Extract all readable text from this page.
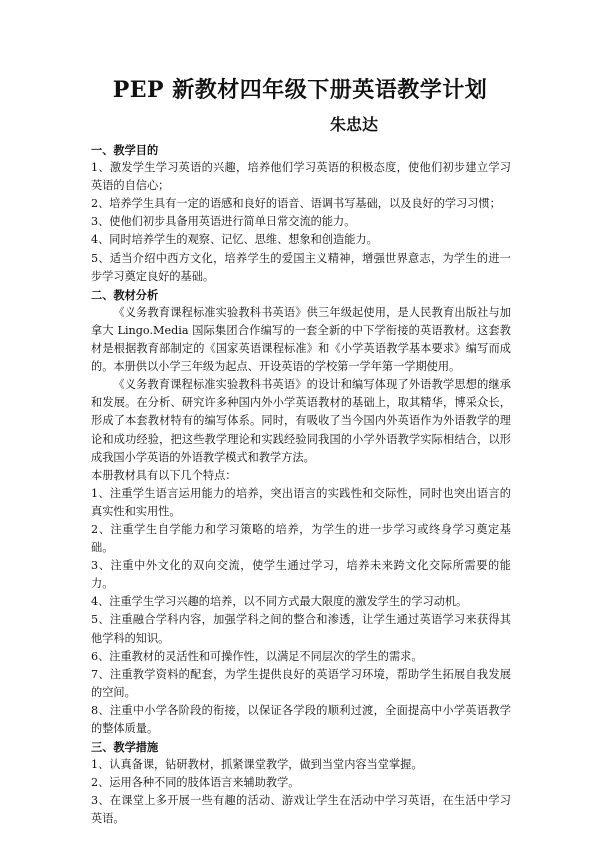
PEP 新教材四年级下册英语教学计划
朱忠达

一、教学目的

1、激发学生学习英语的兴趣，培养他们学习英语的积极态度，使他们初步建立学习英语的自信心；

2、培养学生具有一定的语感和良好的语音、语调书写基础，以及良好的学习习惯；

3、使他们初步具备用英语进行简单日常交流的能力。

4、同时培养学生的观察、记忆、思维、想象和创造能力。

5、适当介绍中西方文化，培养学生的爱国主义精神，增强世界意志，为学生的进一步学习奠定良好的基础。

二、教材分析

《义务教育课程标准实验教科书英语》供三年级起使用，是人民教育出版社与加拿大 Lingo.Media 国际集团合作编写的一套全新的中下学衔接的英语教材。这套教材是根据教育部制定的《国家英语课程标准》和《小学英语教学基本要求》编写而成的。本册供以小学三年级为起点、开设英语的学校第一学年第一学期使用。

《义务教育课程标准实验教科书英语》的设计和编写体现了外语教学思想的继承和发展。在分析、研究许多种国内外小学英语教材的基础上，取其精华，博采众长，形成了本套教材特有的编写体系。同时，有吸收了当今国内外英语作为外语教学的理论和成功经验，把这些教学理论和实践经验同我国的小学外语教学实际相结合，以形成我国小学英语的外语教学模式和教学方法。

本册教材具有以下几个特点：

1、注重学生语言运用能力的培养，突出语言的实践性和交际性，同时也突出语言的真实性和实用性。

2、注重学生自学能力和学习策略的培养，为学生的进一步学习或终身学习奠定基础。

3、注重中外文化的双向交流，使学生通过学习，培养未来跨文化交际所需要的能力。

4、注重学生学习兴趣的培养，以不同方式最大限度的激发学生的学习动机。

5、注重融合学科内容，加强学科之间的整合和渗透，让学生通过英语学习来获得其他学科的知识。

6、注重教材的灵活性和可操作性，以满足不同层次的学生的需求。

7、注重教学资料的配套，为学生提供良好的英语学习环境，帮助学生拓展自我发展的空间。

8、注重中小学各阶段的衔接，以保证各学段的顺利过渡，全面提高中小学英语教学的整体质量。

三、教学措施

1、认真备课，钻研教材，抓紧课堂教学，做到当堂内容当堂掌握。

2、运用各种不同的肢体语言来辅助教学。

3、在课堂上多开展一些有趣的活动、游戏让学生在活动中学习英语，在生活中学习英语。
